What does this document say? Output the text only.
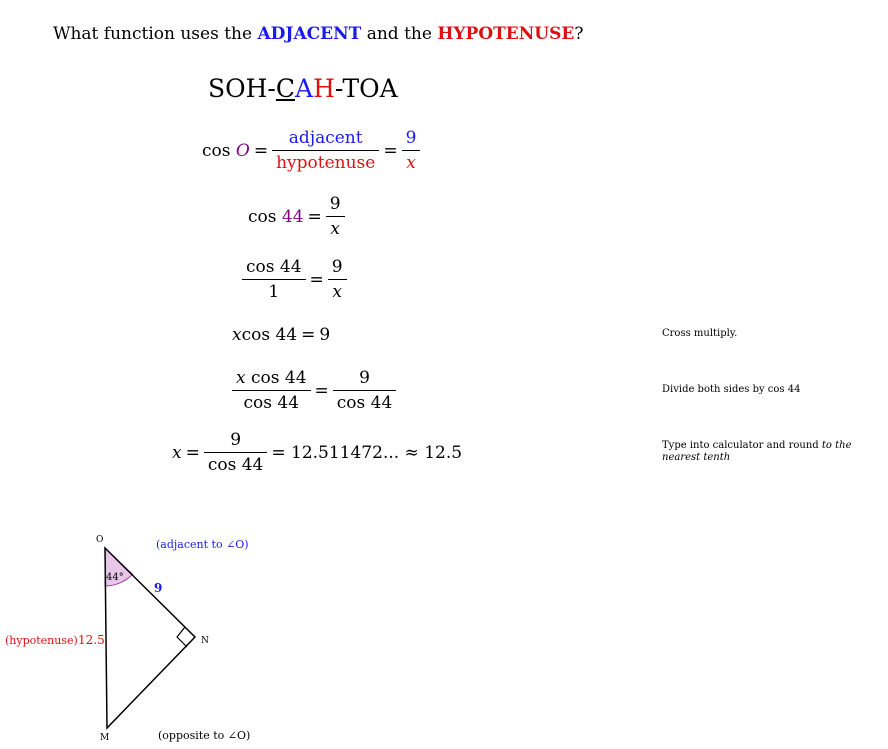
What function uses the ADJACENT and the HYPOTENUSE?
SOH-CAH-TOA
cos
$O = \frac{\text{adjacent}}{\text{hypotenuse}} = \frac{9}{x}$
cos
$44 = \frac{9}{x}$
$\frac{\cos 44}{1} = \frac{9}{x}$
x cos 44 = 9	Cross multiply.
$\frac{\text{x cos 44}}{\cos 44} = \frac{9}{\cos 44}$	Divide both sides by cos 44
$x = \frac{9}{\cos 44} = 12.511472$... ≈ 12.5	Type into calculator and round to the nearest tenth
O
N
M
44°
9
(adjacent to ∠O)
(hypotenuse) 12.5
(opposite to ∠O)
